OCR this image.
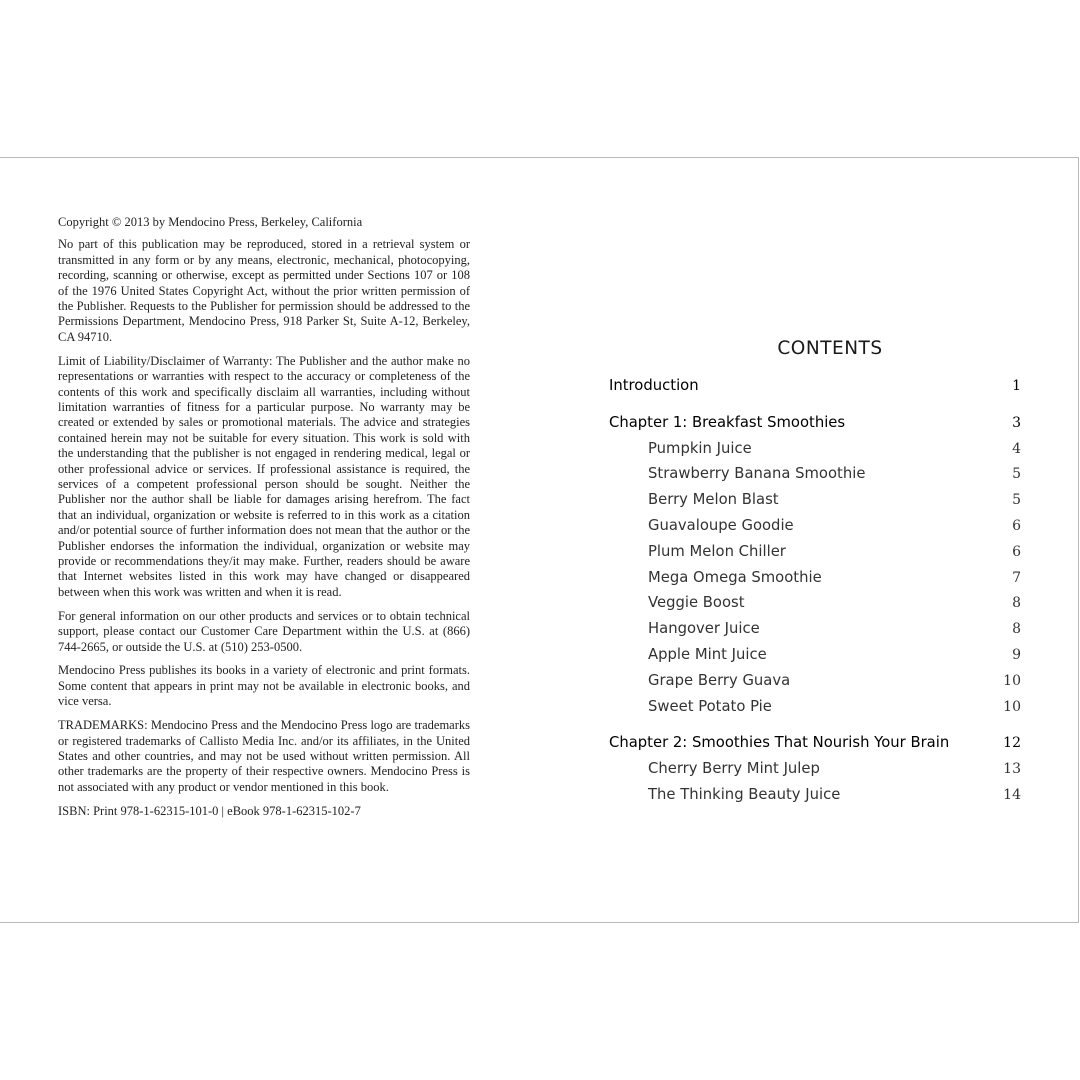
Copyright © 2013 by Mendocino Press, Berkeley, California

No part of this publication may be reproduced, stored in a retrieval system or transmitted in any form or by any means, electronic, mechanical, photocopying, recording, scanning or otherwise, except as permitted under Sections 107 or 108 of the 1976 United States Copyright Act, without the prior written permission of the Publisher. Requests to the Publisher for permission should be addressed to the Permissions Department, Mendocino Press, 918 Parker St, Suite A-12, Berkeley, CA 94710.

Limit of Liability/Disclaimer of Warranty: The Publisher and the author make no representations or warranties with respect to the accuracy or completeness of the contents of this work and specifically disclaim all warranties, including without limitation warranties of fitness for a particular purpose. No warranty may be created or extended by sales or promotional materials. The advice and strategies contained herein may not be suitable for every situation. This work is sold with the understanding that the publisher is not engaged in rendering medical, legal or other professional advice or services. If professional assistance is required, the services of a competent professional person should be sought. Neither the Publisher nor the author shall be liable for damages arising herefrom. The fact that an individual, organization or website is referred to in this work as a citation and/or potential source of further information does not mean that the author or the Publisher endorses the information the individual, organization or website may provide or recommendations they/it may make. Further, readers should be aware that Internet websites listed in this work may have changed or disappeared between when this work was written and when it is read.

For general information on our other products and services or to obtain technical support, please contact our Customer Care Department within the U.S. at (866) 744-2665, or outside the U.S. at (510) 253-0500.

Mendocino Press publishes its books in a variety of electronic and print formats. Some content that appears in print may not be available in electronic books, and vice versa.

TRADEMARKS: Mendocino Press and the Mendocino Press logo are trademarks or registered trademarks of Callisto Media Inc. and/or its affiliates, in the United States and other countries, and may not be used without written permission. All other trademarks are the property of their respective owners. Mendocino Press is not associated with any product or vendor mentioned in this book.

ISBN: Print 978-1-62315-101-0 | eBook 978-1-62315-102-7

CONTENTS
Introduction	1
Chapter 1: Breakfast Smoothies	3
Pumpkin Juice	4
Strawberry Banana Smoothie	5
Berry Melon Blast	5
Guavaloupe Goodie	6
Plum Melon Chiller	6
Mega Omega Smoothie	7
Veggie Boost	8
Hangover Juice	8
Apple Mint Juice	9
Grape Berry Guava	10
Sweet Potato Pie	10
Chapter 2: Smoothies That Nourish Your Brain	12
Cherry Berry Mint Julep	13
The Thinking Beauty Juice	14
